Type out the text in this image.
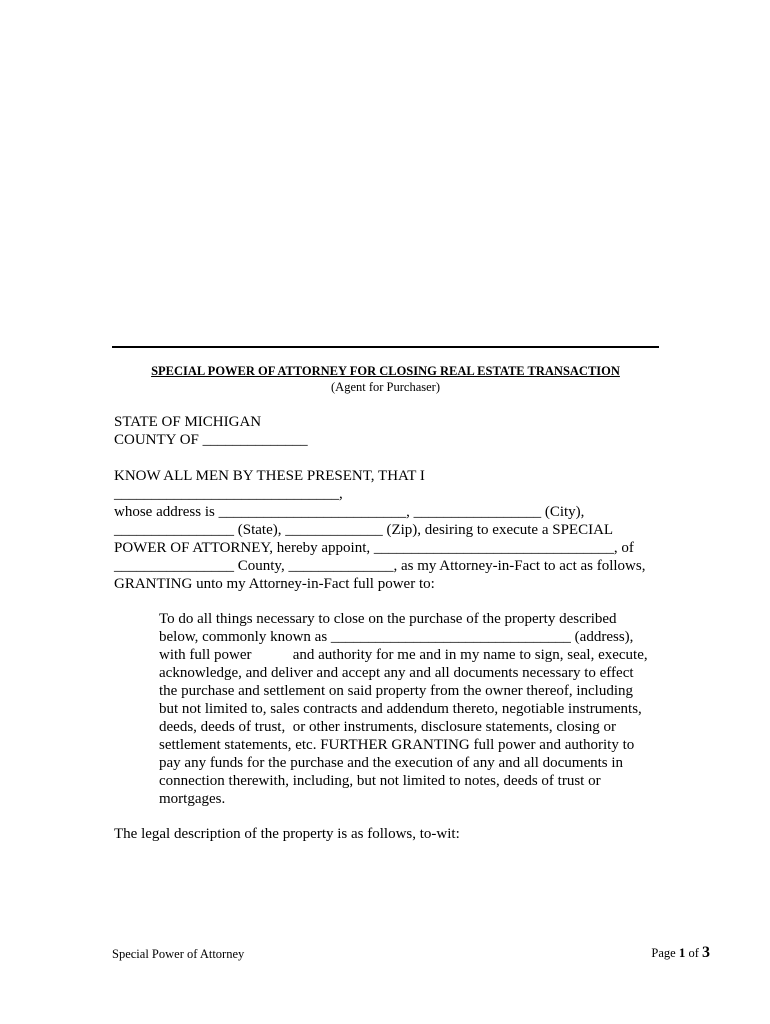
SPECIAL POWER OF ATTORNEY FOR CLOSING REAL ESTATE TRANSACTION
(Agent for Purchaser)
STATE OF MICHIGAN
COUNTY OF ______________
KNOW ALL MEN BY THESE PRESENT, THAT I
______________________________,
whose address is _________________________, _________________ (City),
________________ (State), _____________ (Zip), desiring to execute a SPECIAL
POWER OF ATTORNEY, hereby appoint, ________________________________, of
________________ County, ______________, as my Attorney-in-Fact to act as follows,
GRANTING unto my Attorney-in-Fact full power to:
To do all things necessary to close on the purchase of the property described
below, commonly known as ________________________________ (address),
with full power           and authority for me and in my name to sign, seal, execute,
acknowledge, and deliver and accept any and all documents necessary to effect
the purchase and settlement on said property from the owner thereof, including
but not limited to, sales contracts and addendum thereto, negotiable instruments,
deeds, deeds of trust,  or other instruments, disclosure statements, closing or
settlement statements, etc. FURTHER GRANTING full power and authority to
pay any funds for the purchase and the execution of any and all documents in
connection therewith, including, but not limited to notes, deeds of trust or
mortgages.
The legal description of the property is as follows, to-wit:
Special Power of Attorney	Page 1 of 3
